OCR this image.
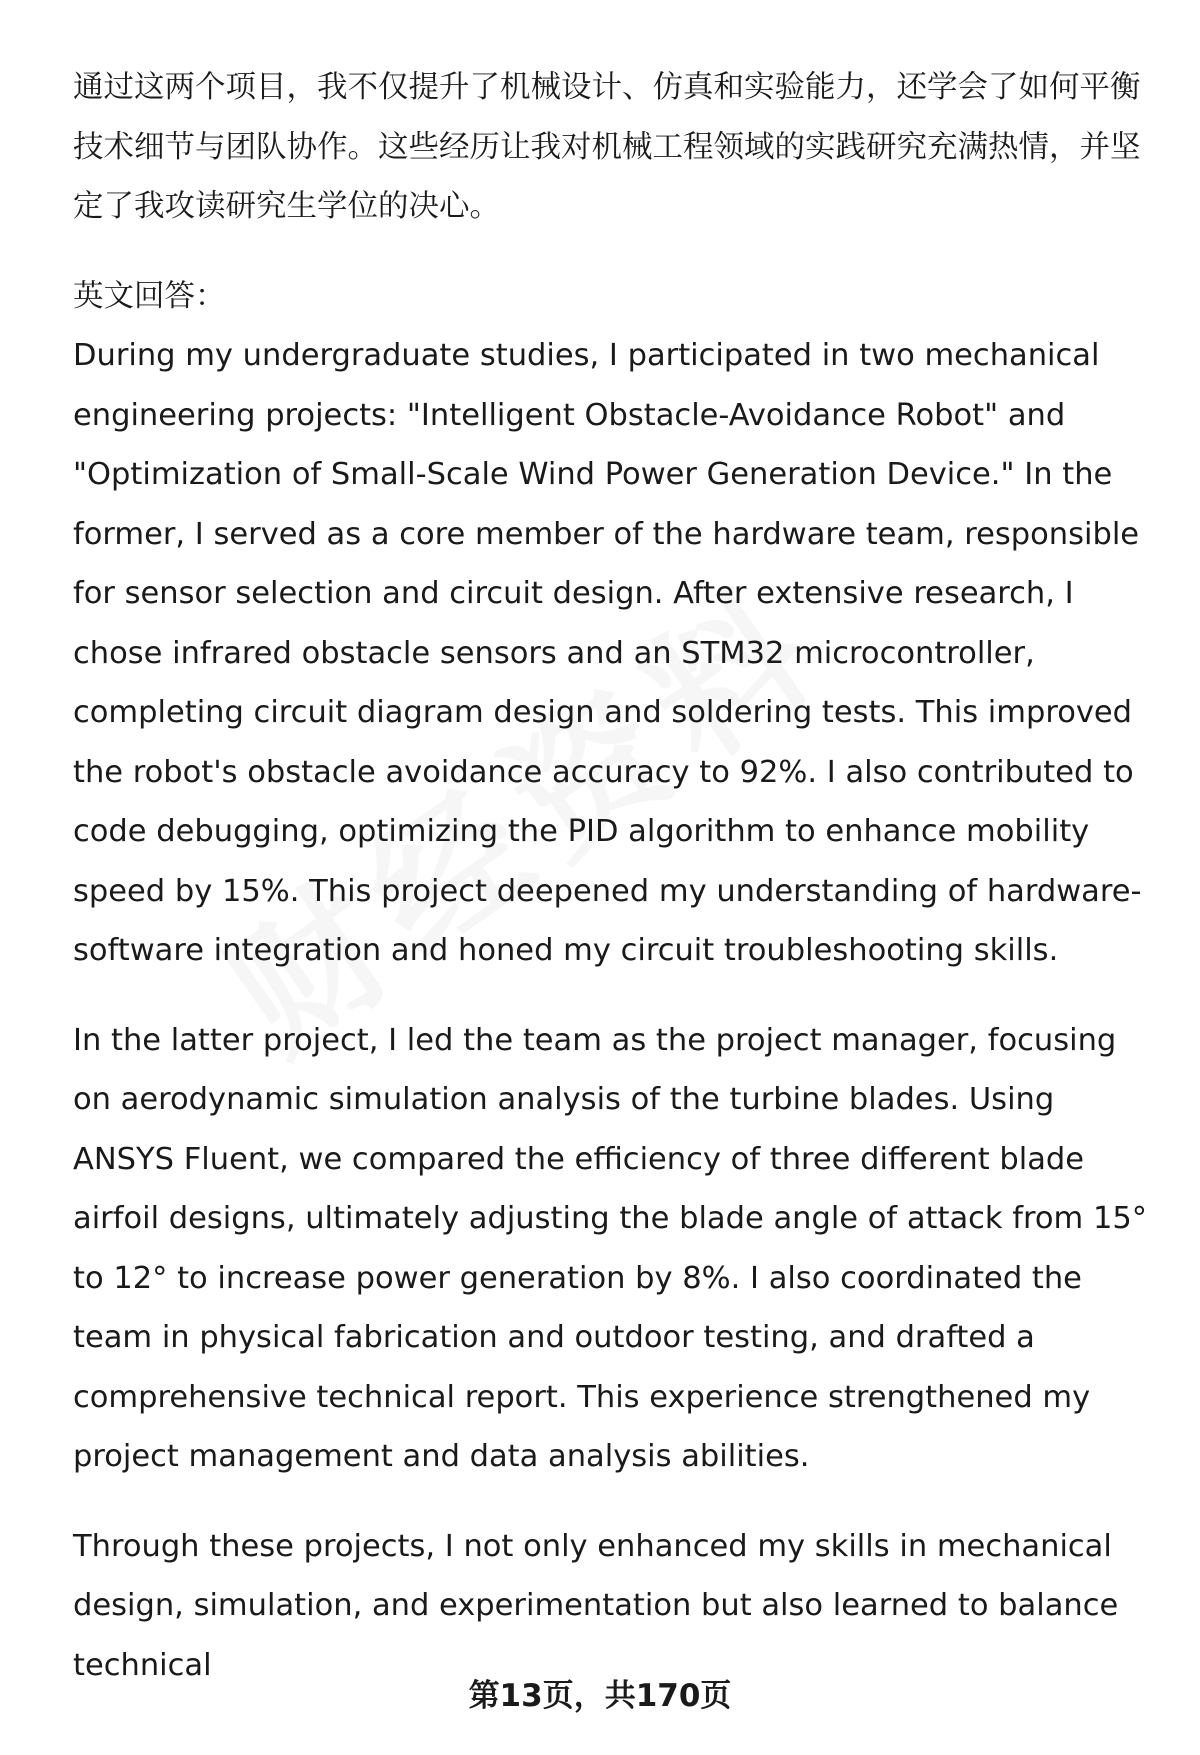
通过这两个项目，我不仅提升了机械设计、仿真和实验能力，还学会了如何平衡技术细节与团队协作。这些经历让我对机械工程领域的实践研究充满热情，并坚定了我攻读研究生学位的决心。

英文回答：

During my undergraduate studies, I participated in two mechanical engineering projects: "Intelligent Obstacle-Avoidance Robot" and "Optimization of Small-Scale Wind Power Generation Device." In the former, I served as a core member of the hardware team, responsible for sensor selection and circuit design. After extensive research, I chose infrared obstacle sensors and an STM32 microcontroller, completing circuit diagram design and soldering tests. This improved the robot's obstacle avoidance accuracy to 92%. I also contributed to code debugging, optimizing the PID algorithm to enhance mobility speed by 15%. This project deepened my understanding of hardware-software integration and honed my circuit troubleshooting skills.

In the latter project, I led the team as the project manager, focusing on aerodynamic simulation analysis of the turbine blades. Using ANSYS Fluent, we compared the efficiency of three different blade airfoil designs, ultimately adjusting the blade angle of attack from 15° to 12° to increase power generation by 8%. I also coordinated the team in physical fabrication and outdoor testing, and drafted a comprehensive technical report. This experience strengthened my project management and data analysis abilities.

Through these projects, I not only enhanced my skills in mechanical design, simulation, and experimentation but also learned to balance technical

第13页，共170页
